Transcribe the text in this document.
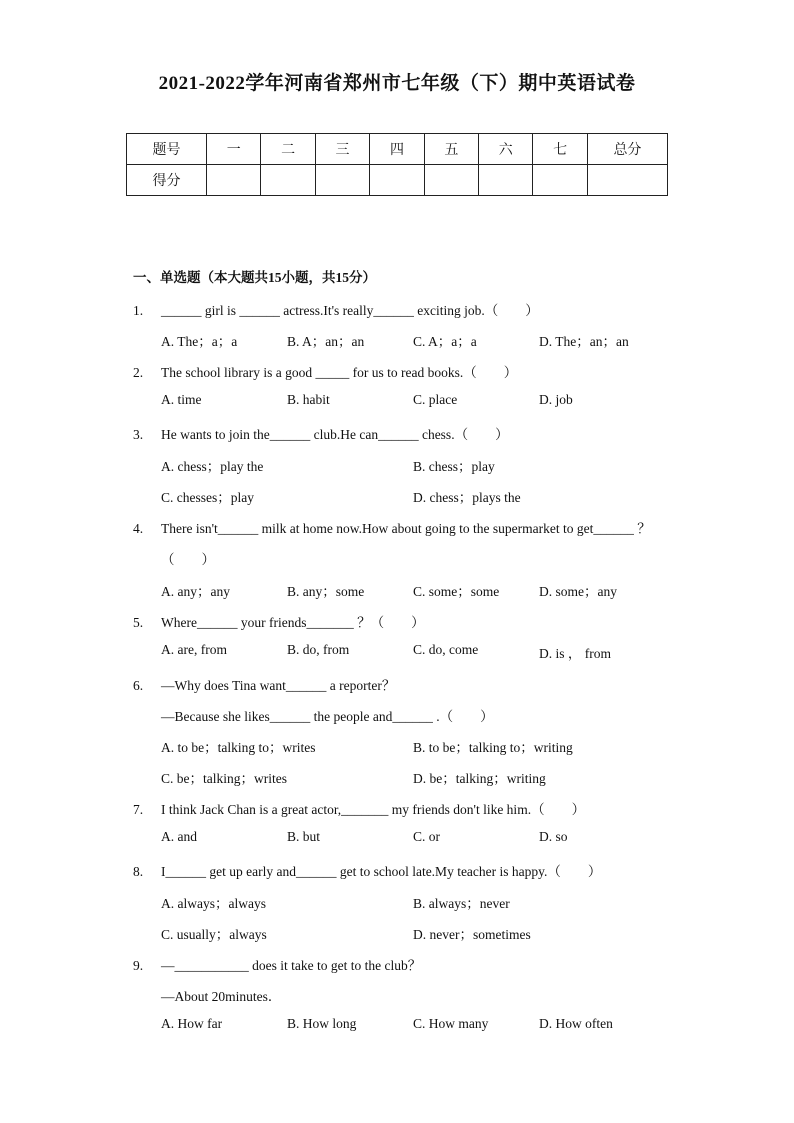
2021-2022学年河南省郑州市七年级（下）期中英语试卷
题号	一	二	三	四	五	六	七	总分
得分								
一、单选题（本大题共15小题，共15分）
1. ______ girl is ______ actress.It's really______ exciting job.（　　）
A. The；a；a	B. A；an；an	C. A；a；a	D. The；an；an
2. The school library is a good _____ for us to read books.（　　）
A. time	B. habit	C. place	D. job
3. He wants to join the______ club.He can______ chess.（　　）
A. chess；play the	B. chess；play
C. chesses；play	D. chess；plays the
4. There isn't______ milk at home now.How about going to the supermarket to get______ ？
（　　）
A. any；any	B. any；some	C. some；some	D. some；any
5. Where______ your friends_______ ？（　　）
A. are, from	B. do, from	C. do, come	D. is ， from
6. —Why does Tina want______ a reporter？
—Because she likes______ the people and______ .（　　）
A. to be；talking to；writes	B. to be；talking to；writing
C. be；talking；writes	D. be；talking；writing
7. I think Jack Chan is a great actor,_______ my friends don't like him.（　　）
A. and	B. but	C. or	D. so
8. I______ get up early and______ get to school late.My teacher is happy.（　　）
A. always；always	B. always；never
C. usually；always	D. never；sometimes
9. —___________ does it take to get to the club？
—About 20minutes．
A. How far	B. How long	C. How many	D. How often
